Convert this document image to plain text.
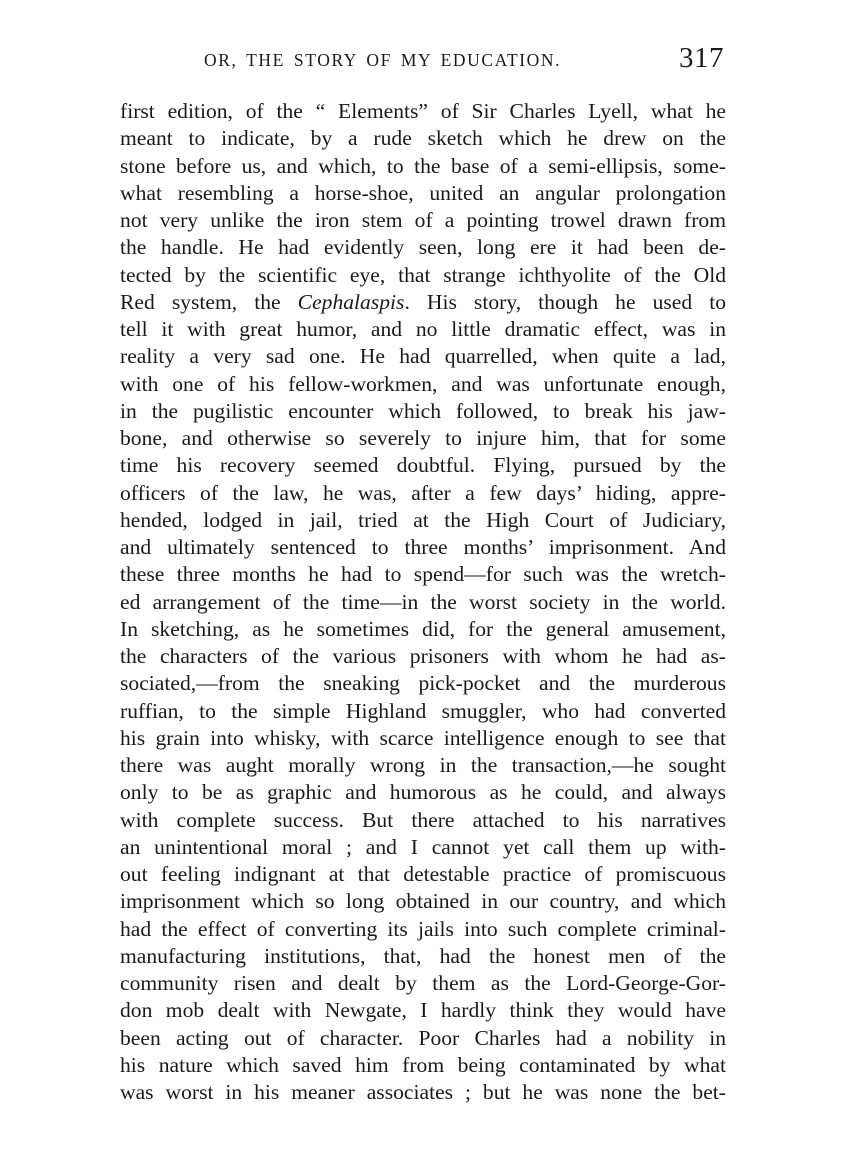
OR, THE STORY OF MY EDUCATION.	317
first edition, of the “ Elements” of Sir Charles Lyell, what he
meant to indicate, by a rude sketch which he drew on the
stone before us, and which, to the base of a semi-ellipsis, some-
what resembling a horse-shoe, united an angular prolongation
not very unlike the iron stem of a pointing trowel drawn from
the handle. He had evidently seen, long ere it had been de-
tected by the scientific eye, that strange ichthyolite of the Old
Red system, the Cephalaspis. His story, though he used to
tell it with great humor, and no little dramatic effect, was in
reality a very sad one. He had quarrelled, when quite a lad,
with one of his fellow-workmen, and was unfortunate enough,
in the pugilistic encounter which followed, to break his jaw-
bone, and otherwise so severely to injure him, that for some
time his recovery seemed doubtful. Flying, pursued by the
officers of the law, he was, after a few days’ hiding, appre-
hended, lodged in jail, tried at the High Court of Judiciary,
and ultimately sentenced to three months’ imprisonment. And
these three months he had to spend—for such was the wretch-
ed arrangement of the time—in the worst society in the world.
In sketching, as he sometimes did, for the general amusement,
the characters of the various prisoners with whom he had as-
sociated,—from the sneaking pick-pocket and the murderous
ruffian, to the simple Highland smuggler, who had converted
his grain into whisky, with scarce intelligence enough to see that
there was aught morally wrong in the transaction,—he sought
only to be as graphic and humorous as he could, and always
with complete success. But there attached to his narratives
an unintentional moral ; and I cannot yet call them up with-
out feeling indignant at that detestable practice of promiscuous
imprisonment which so long obtained in our country, and which
had the effect of converting its jails into such complete criminal-
manufacturing institutions, that, had the honest men of the
community risen and dealt by them as the Lord-George-Gor-
don mob dealt with Newgate, I hardly think they would have
been acting out of character. Poor Charles had a nobility in
his nature which saved him from being contaminated by what
was worst in his meaner associates ; but he was none the bet-
